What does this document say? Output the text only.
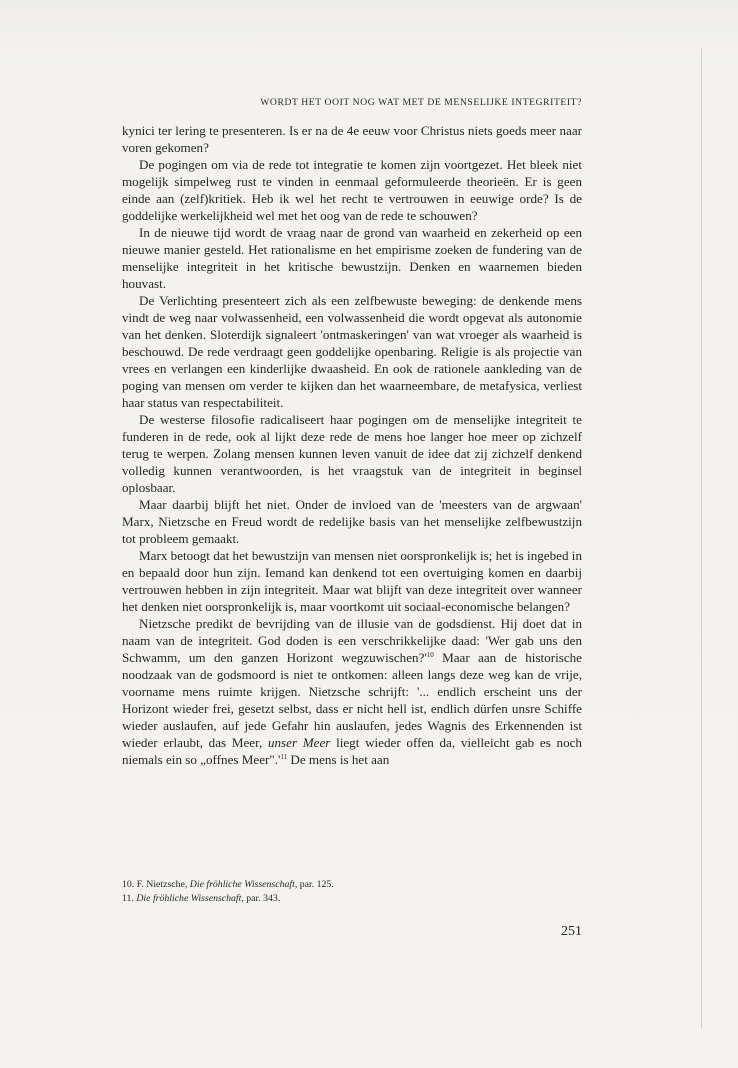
WORDT HET OOIT NOG WAT MET DE MENSELIJKE INTEGRITEIT?

kynici ter lering te presenteren. Is er na de 4e eeuw voor Christus niets goeds meer naar voren gekomen?

De pogingen om via de rede tot integratie te komen zijn voortgezet. Het bleek niet mogelijk simpelweg rust te vinden in eenmaal geformuleerde theorieën. Er is geen einde aan (zelf)kritiek. Heb ik wel het recht te vertrouwen in eeuwige orde? Is de goddelijke werkelijkheid wel met het oog van de rede te schouwen?

In de nieuwe tijd wordt de vraag naar de grond van waarheid en zekerheid op een nieuwe manier gesteld. Het rationalisme en het empirisme zoeken de fundering van de menselijke integriteit in het kritische bewustzijn. Denken en waarnemen bieden houvast.

De Verlichting presenteert zich als een zelfbewuste beweging: de denkende mens vindt de weg naar volwassenheid, een volwassenheid die wordt opgevat als autonomie van het denken. Sloterdijk signaleert 'ontmaskeringen' van wat vroeger als waarheid is beschouwd. De rede verdraagt geen goddelijke openbaring. Religie is als projectie van vrees en verlangen een kinderlijke dwaasheid. En ook de rationele aankleding van de poging van mensen om verder te kijken dan het waarneembare, de metafysica, verliest haar status van respectabiliteit.

De westerse filosofie radicaliseert haar pogingen om de menselijke integriteit te funderen in de rede, ook al lijkt deze rede de mens hoe langer hoe meer op zichzelf terug te werpen. Zolang mensen kunnen leven vanuit de idee dat zij zichzelf denkend volledig kunnen verantwoorden, is het vraagstuk van de integriteit in beginsel oplosbaar.

Maar daarbij blijft het niet. Onder de invloed van de 'meesters van de argwaan' Marx, Nietzsche en Freud wordt de redelijke basis van het menselijke zelfbewustzijn tot probleem gemaakt.

Marx betoogt dat het bewustzijn van mensen niet oorspronkelijk is; het is ingebed in en bepaald door hun zijn. Iemand kan denkend tot een overtuiging komen en daarbij vertrouwen hebben in zijn integriteit. Maar wat blijft van deze integriteit over wanneer het denken niet oorspronkelijk is, maar voortkomt uit sociaal-economische belangen?

Nietzsche predikt de bevrijding van de illusie van de godsdienst. Hij doet dat in naam van de integriteit. God doden is een verschrikkelijke daad: 'Wer gab uns den Schwamm, um den ganzen Horizont $wegzuwischen?'^{10}$ Maar aan de historische noodzaak van de godsmoord is niet te ontkomen: alleen langs deze weg kan de vrije, voorname mens ruimte krijgen. Nietzsche schrijft: '... endlich erscheint uns der Horizont wieder frei, gesetzt selbst, dass er nicht hell ist, endlich dürfen unsre Schiffe wieder auslaufen, auf jede Gefahr hin auslaufen, jedes Wagnis des Erkennenden ist wieder erlaubt, das Meer, unser Meer liegt wieder offen da, vielleicht gab es noch niemals ein so „offnes $Meer".'^{11}$ De mens is het aan

10. F. Nietzsche, Die fröhliche Wissenschaft, par. 125.
11. Die fröhliche Wissenschaft, par. 343.
251
